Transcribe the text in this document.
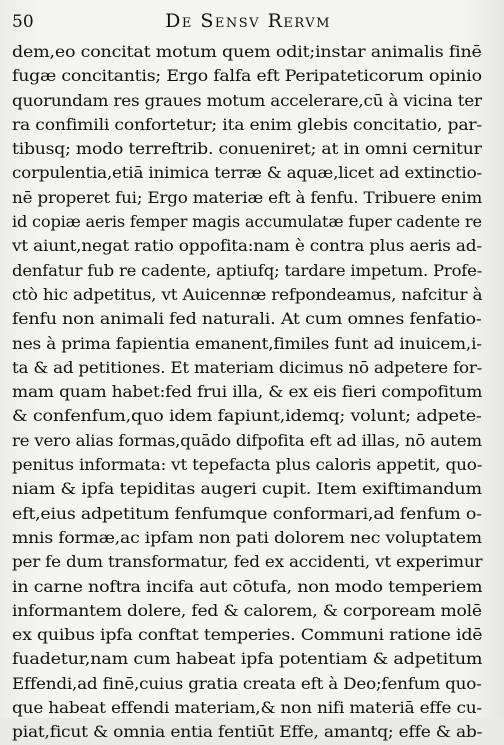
50	De Sensv Rervm
dem,eo concitat motum quem odit;instar animalis finē
fugæ concitantis; Ergo falfa eft Peripateticorum opinio
quorundam res graues motum accelerare,cū à vicina ter
ra confimili confortetur; ita enim glebis concitatio, par-
tibusq; modo terreftrib. conueniret; at in omni cernitur
corpulentia,etiā inimica terræ & aquæ,licet ad extinctio-
nē properet fui; Ergo materiæ eft à fenfu. Tribuere enim
id copiæ aeris femper magis accumulatæ fuper cadente re
vt aiunt,negat ratio oppofita:nam è contra plus aeris ad-
denfatur fub re cadente, aptiufq; tardare impetum. Profe-
ctò hic adpetitus, vt Auicennæ refpondeamus, nafcitur à
fenfu non animali fed naturali. At cum omnes fenfatio-
nes à prima fapientia emanent,fimiles funt ad inuicem,i-
ta & ad petitiones. Et materiam dicimus nō adpetere for-
mam quam habet:fed frui illa, & ex eis fieri compofitum
& confenfum,quo idem fapiunt,idemq; volunt; adpete-
re vero alias formas,quādo difpofita eft ad illas, nō autem
penitus informata: vt tepefacta plus caloris appetit, quo-
niam & ipfa tepiditas augeri cupit. Item exiftimandum
eft,eius adpetitum fenfumque conformari,ad fenfum o-
mnis formæ,ac ipfam non pati dolorem nec voluptatem
per fe dum transformatur, fed ex accidenti, vt experimur
in carne noftra incifa aut cōtufa, non modo temperiem
informantem dolere, fed & calorem, & corpoream molē
ex quibus ipfa conftat temperies. Communi ratione idē
fuadetur,nam cum habeat ipfa potentiam & adpetitum
Effendi,ad finē,cuius gratia creata eft à Deo;fenfum quo-
que habeat effendi materiam,& non nifi materiā effe cu-
piat,ficut & omnia entia fentiūt Effe, amantq; effe & ab-
